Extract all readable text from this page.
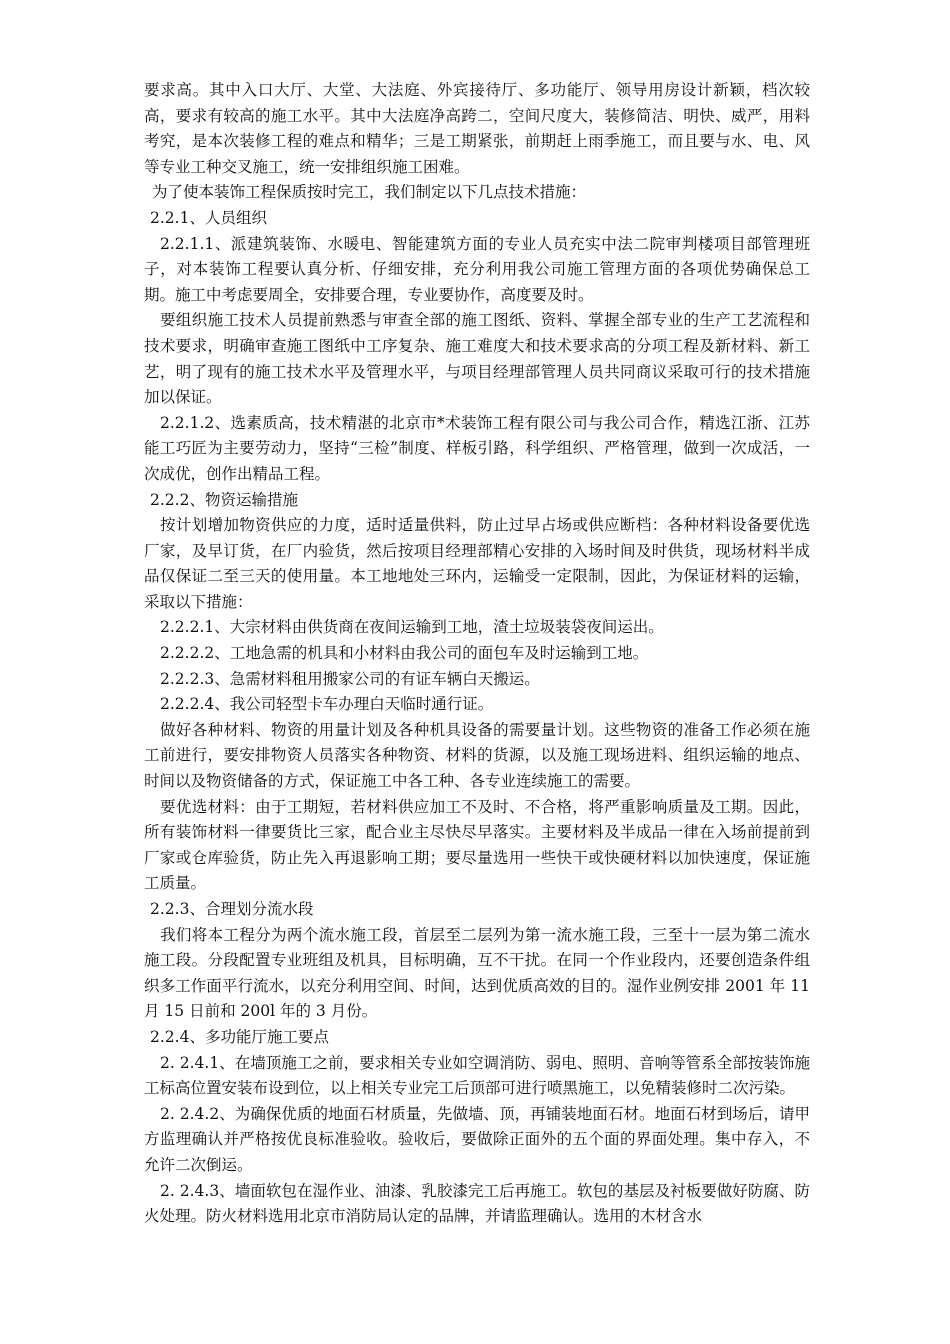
要求高。其中入口大厅、大堂、大法庭、外宾接待厅、多功能厅、领导用房设计新颖，档次较高，要求有较高的施工水平。其中大法庭净高跨二，空间尺度大，装修简洁、明快、威严，用料考究，是本次装修工程的难点和精华；三是工期紧张，前期赶上雨季施工，而且要与水、电、风等专业工种交叉施工，统一安排组织施工困难。

为了使本装饰工程保质按时完工，我们制定以下几点技术措施：

2.2.1、人员组织

2.2.1.1、派建筑装饰、水暖电、智能建筑方面的专业人员充实中法二院审判楼项目部管理班子，对本装饰工程要认真分析、仔细安排，充分利用我公司施工管理方面的各项优势确保总工期。施工中考虑要周全，安排要合理，专业要协作，高度要及时。

要组织施工技术人员提前熟悉与审查全部的施工图纸、资料、掌握全部专业的生产工艺流程和技术要求，明确审查施工图纸中工序复杂、施工难度大和技术要求高的分项工程及新材料、新工艺，明了现有的施工技术水平及管理水平，与项目经理部管理人员共同商议采取可行的技术措施加以保证。

2.2.1.2、选素质高，技术精湛的北京市*术装饰工程有限公司与我公司合作，精选江浙、江苏能工巧匠为主要劳动力，坚持“三检”制度、样板引路，科学组织、严格管理，做到一次成活，一次成优，创作出精品工程。

2.2.2、物资运输措施

按计划增加物资供应的力度，适时适量供料，防止过早占场或供应断档：各种材料设备要优选厂家，及早订货，在厂内验货，然后按项目经理部精心安排的入场时间及时供货，现场材料半成品仅保证二至三天的使用量。本工地地处三环内，运输受一定限制，因此，为保证材料的运输，采取以下措施：

2.2.2.1、大宗材料由供货商在夜间运输到工地，渣土垃圾装袋夜间运出。

2.2.2.2、工地急需的机具和小材料由我公司的面包车及时运输到工地。

2.2.2.3、急需材料租用搬家公司的有证车辆白天搬运。

2.2.2.4、我公司轻型卡车办理白天临时通行证。

做好各种材料、物资的用量计划及各种机具设备的需要量计划。这些物资的准备工作必须在施工前进行，要安排物资人员落实各种物资、材料的货源，以及施工现场进料、组织运输的地点、时间以及物资储备的方式，保证施工中各工种、各专业连续施工的需要。

要优选材料：由于工期短，若材料供应加工不及时、不合格，将严重影响质量及工期。因此，所有装饰材料一律要货比三家，配合业主尽快尽早落实。主要材料及半成品一律在入场前提前到厂家或仓库验货，防止先入再退影响工期；要尽量选用一些快干或快硬材料以加快速度，保证施工质量。

2.2.3、合理划分流水段

我们将本工程分为两个流水施工段，首层至二层列为第一流水施工段，三至十一层为第二流水施工段。分段配置专业班组及机具，目标明确，互不干扰。在同一个作业段内，还要创造条件组织多工作面平行流水，以充分利用空间、时间，达到优质高效的目的。湿作业例安排 2001 年 11 月 15 日前和 200l 年的 3 月份。

2.2.4、多功能厅施工要点

2. 2.4.1、在墙顶施工之前，要求相关专业如空调消防、弱电、照明、音响等管系全部按装饰施工标高位置安装布设到位，以上相关专业完工后顶部可进行喷黑施工，以免精装修时二次污染。

2. 2.4.2、为确保优质的地面石材质量，先做墙、顶，再铺装地面石材。地面石材到场后，请甲方监理确认并严格按优良标准验收。验收后，要做除正面外的五个面的界面处理。集中存入，不允许二次倒运。

2. 2.4.3、墙面软包在湿作业、油漆、乳胶漆完工后再施工。软包的基层及衬板要做好防腐、防火处理。防火材料选用北京市消防局认定的品牌，并请监理确认。选用的木材含水
